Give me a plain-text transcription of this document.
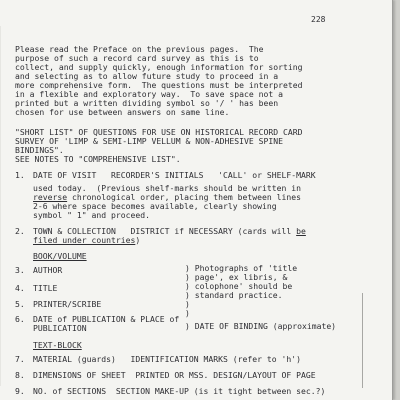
228
Please read the Preface on the previous pages.  The
purpose of such a record card survey as this is to
collect, and supply quickly, enough information for sorting
and selecting as to allow future study to proceed in a
more comprehensive form.  The questions must be interpreted
in a flexible and exploratory way.  To save space not a
printed but a written dividing symbol so '/ ' has been
chosen for use between answers on same line.
"SHORT LIST" OF QUESTIONS FOR USE ON HISTORICAL RECORD CARD
SURVEY OF 'LIMP & SEMI-LIMP VELLUM & NON-ADHESIVE SPINE
BINDINGS".
SEE NOTES TO "COMPREHENSIVE LIST".
1. DATE OF VISIT   RECORDER'S INITIALS   'CALL' or SHELF-MARK
used today.  (Previous shelf-marks should be written in
reverse chronological order, placing them between lines
2-6 where space becomes available, clearly showing
symbol " 1" and proceed.
2. TOWN & COLLECTION   DISTRICT if NECESSARY (cards will be
filed under countries)
BOOK/VOLUME
3. AUTHOR
4. TITLE
5. PRINTER/SCRIBE
6. DATE of PUBLICATION & PLACE of
PUBLICATION
) Photographs of 'title
) page', ex libris, &
) colophone' should be
) standard practice.
)
)
) DATE OF BINDING (approximate)
TEXT-BLOCK
7. MATERIAL (guards)   IDENTIFICATION MARKS (refer to 'h')
8. DIMENSIONS OF SHEET  PRINTED OR MSS. DESIGN/LAYOUT OF PAGE
9. NO. of SECTIONS  SECTION MAKE-UP (is it tight between sec.?)
